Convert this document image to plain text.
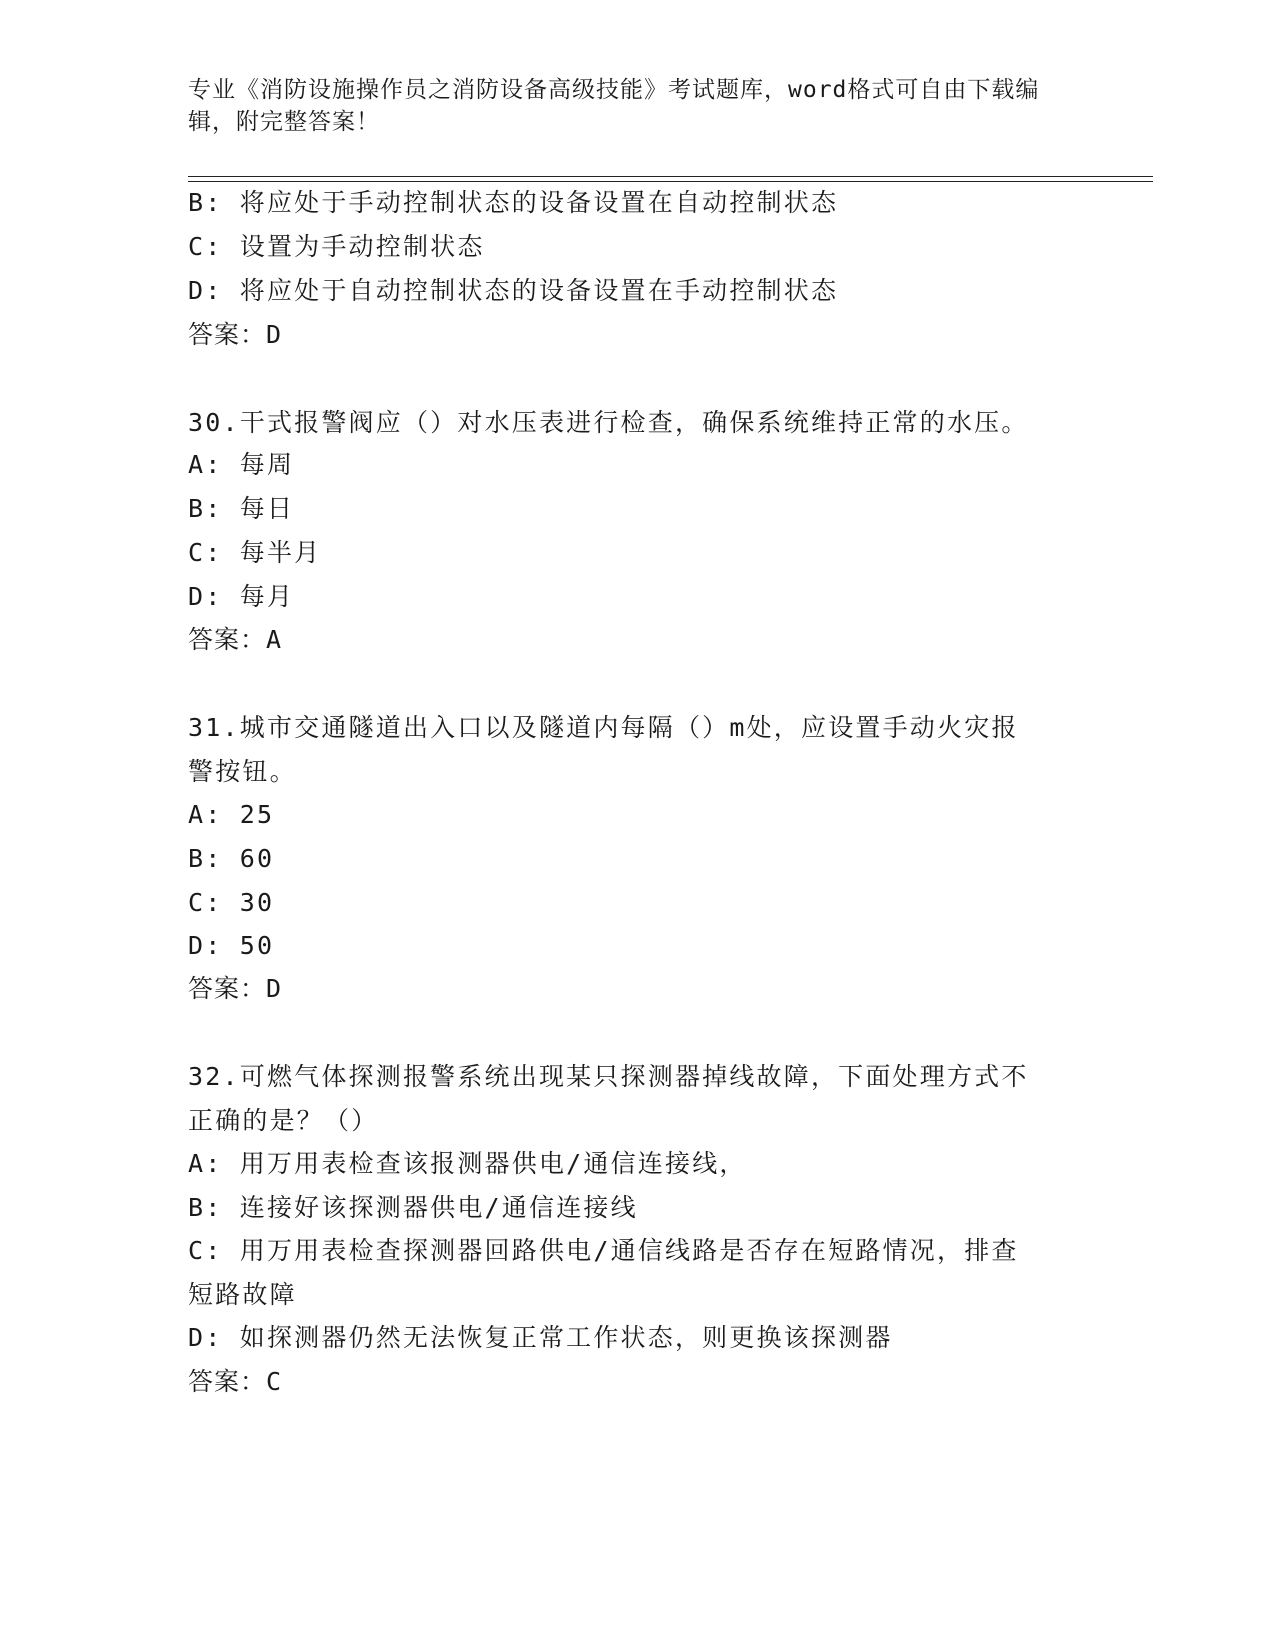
专业《消防设施操作员之消防设备高级技能》考试题库，word格式可自由下载编
辑，附完整答案！
B: 将应处于手动控制状态的设备设置在自动控制状态
C: 设置为手动控制状态
D: 将应处于自动控制状态的设备设置在手动控制状态
答案：D
30.干式报警阀应（）对水压表进行检查，确保系统维持正常的水压。
A: 每周
B: 每日
C: 每半月
D: 每月
答案：A
31.城市交通隧道出入口以及隧道内每隔（）m处，应设置手动火灾报
警按钮。
A: 25
B: 60
C: 30
D: 50
答案：D
32.可燃气体探测报警系统出现某只探测器掉线故障，下面处理方式不
正确的是？（）
A: 用万用表检查该报测器供电/通信连接线，
B: 连接好该探测器供电/通信连接线
C: 用万用表检查探测器回路供电/通信线路是否存在短路情况，排查
短路故障
D: 如探测器仍然无法恢复正常工作状态，则更换该探测器
答案：C
